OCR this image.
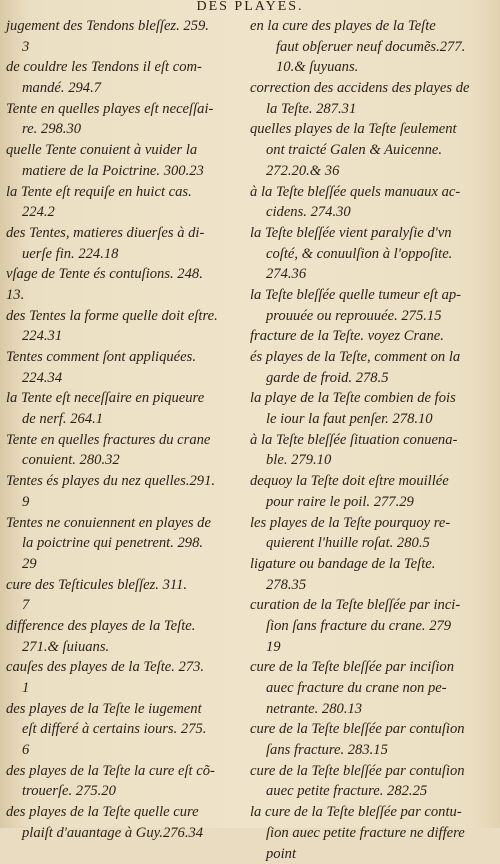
DES PLAYES.
jugement des Tendons bleſſez. 259.
3
de couldre les Tendons il eſt com-
mandé. 294.7
Tente en quelles playes eſt neceſſai-
re. 298.30
quelle Tente conuient à vuider la
matiere de la Poictrine. 300.23
la Tente eſt requiſe en huict cas.
224.2
des Tentes, matieres diuerſes à di-
uerſe fin. 224.18
vſage de Tente és contuſions. 248.
13.
des Tentes la forme quelle doit eſtre.
224.31
Tentes comment ſont appliquées.
224.34
la Tente eſt neceſſaire en piqueure
de nerf. 264.1
Tente en quelles fractures du crane
conuient. 280.32
Tentes és playes du nez quelles.291.
9
Tentes ne conuiennent en playes de
la poictrine qui penetrent. 298.
29
cure des Teſticules bleſſez. 311.
7
difference des playes de la Teſte.
271.& ſuiuans.
cauſes des playes de la Teſte. 273.
1
des playes de la Teſte le iugement
eſt differé à certains iours. 275.
6
des playes de la Teſte la cure eſt cõ-
trouerſe. 275.20
des playes de la Teſte quelle cure
plaiſt d'auantage à Guy.276.34
en la cure des playes de la Teſte
faut obſeruer neuf documẽs.277.
10.& ſuyuans.
correction des accidens des playes de
la Teſte. 287.31
quelles playes de la Teſte ſeulement
ont traicté Galen & Auicenne.
272.20.& 36
à la Teſte bleſſée quels manuaux ac-
cidens. 274.30
la Teſte bleſſée vient paralyſie d'vn
coſté, & conuulſion à l'oppoſite.
274.36
la Teſte bleſſée quelle tumeur eſt ap-
prouuée ou reprouuée. 275.15
fracture de la Teſte. voyez Crane.
és playes de la Teſte, comment on la
garde de froid. 278.5
la playe de la Teſte combien de fois
le iour la faut penſer. 278.10
à la Teſte bleſſée ſituation conuena-
ble. 279.10
dequoy la Teſte doit eſtre mouillée
pour raire le poil. 277.29
les playes de la Teſte pourquoy re-
quierent l'huille roſat. 280.5
ligature ou bandage de la Teſte.
278.35
curation de la Teſte bleſſée par inci-
ſion ſans fracture du crane. 279
19
cure de la Teſte bleſſée par inciſion
auec fracture du crane non pe-
netrante. 280.13
cure de la Teſte bleſſée par contuſion
ſans fracture. 283.15
cure de la Teſte bleſſée par contuſion
auec petite fracture. 282.25
la cure de la Teſte bleſſée par contu-
ſion auec petite fracture ne differe
point
